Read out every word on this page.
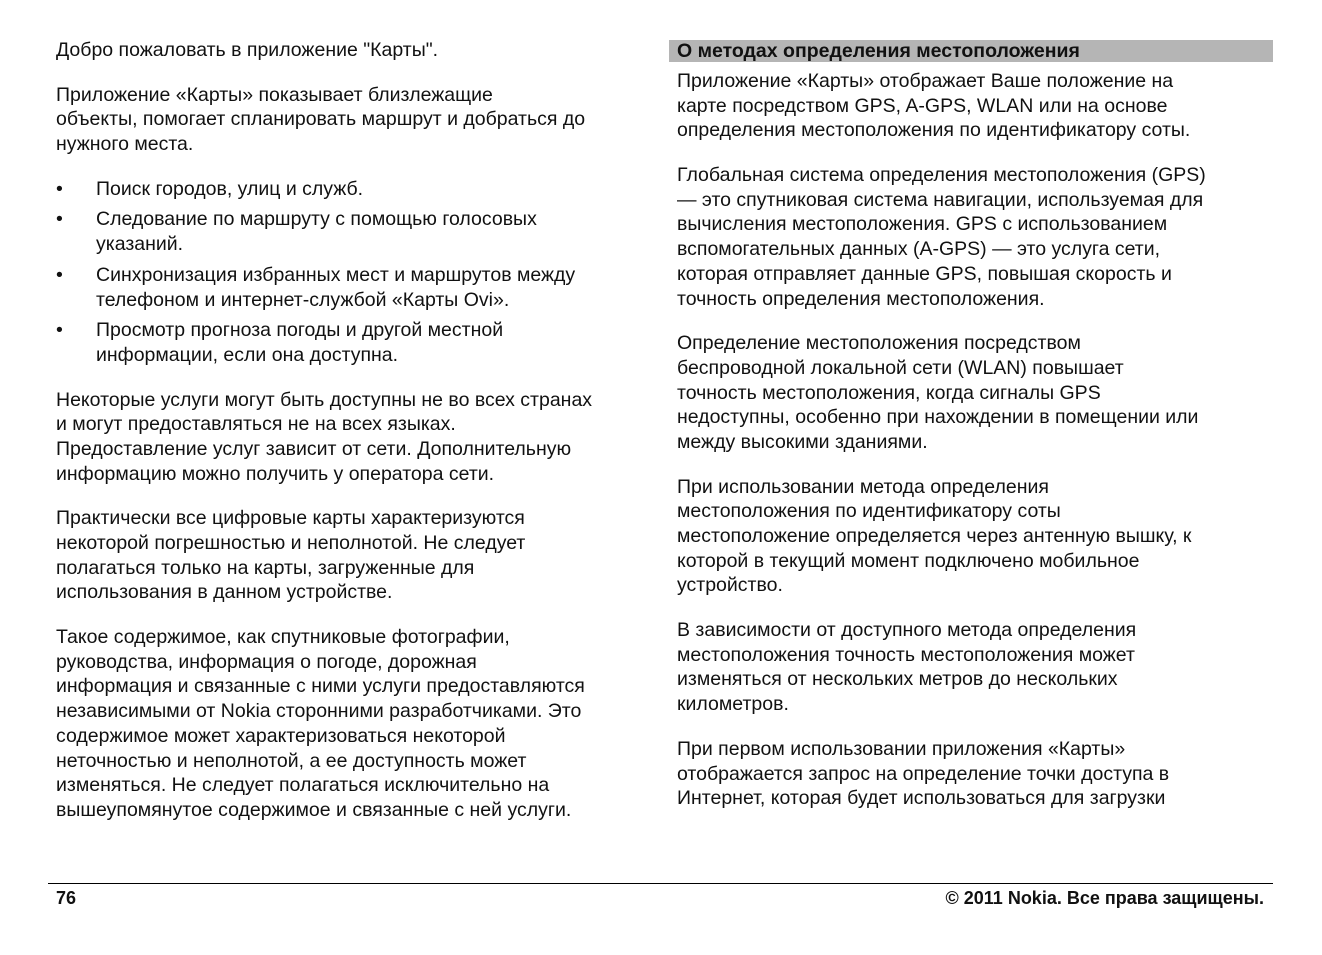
Добро пожаловать в приложение "Карты".
Приложение «Карты» показывает близлежащие
объекты, помогает спланировать маршрут и добраться до
нужного места.
• Поиск городов, улиц и служб.
• Следование по маршруту с помощью голосовых
указаний.
• Синхронизация избранных мест и маршрутов между
телефоном и интернет-службой «Карты Ovi».
• Просмотр прогноза погоды и другой местной
информации, если она доступна.
Некоторые услуги могут быть доступны не во всех странах
и могут предоставляться не на всех языках.
Предоставление услуг зависит от сети. Дополнительную
информацию можно получить у оператора сети.
Практически все цифровые карты характеризуются
некоторой погрешностью и неполнотой. Не следует
полагаться только на карты, загруженные для
использования в данном устройстве.
Такое содержимое, как спутниковые фотографии,
руководства, информация о погоде, дорожная
информация и связанные с ними услуги предоставляются
независимыми от Nokia сторонними разработчиками. Это
содержимое может характеризоваться некоторой
неточностью и неполнотой, а ее доступность может
изменяться. Не следует полагаться исключительно на
вышеупомянутое содержимое и связанные с ней услуги.
О методах определения местоположения
Приложение «Карты» отображает Ваше положение на
карте посредством GPS, A-GPS, WLAN или на основе
определения местоположения по идентификатору соты.
Глобальная система определения местоположения (GPS)
— это спутниковая система навигации, используемая для
вычисления местоположения. GPS с использованием
вспомогательных данных (A-GPS) — это услуга сети,
которая отправляет данные GPS, повышая скорость и
точность определения местоположения.
Определение местоположения посредством
беспроводной локальной сети (WLAN) повышает
точность местоположения, когда сигналы GPS
недоступны, особенно при нахождении в помещении или
между высокими зданиями.
При использовании метода определения
местоположения по идентификатору соты
местоположение определяется через антенную вышку, к
которой в текущий момент подключено мобильное
устройство.
В зависимости от доступного метода определения
местоположения точность местоположения может
изменяться от нескольких метров до нескольких
километров.
При первом использовании приложения «Карты»
отображается запрос на определение точки доступа в
Интернет, которая будет использоваться для загрузки
76	© 2011 Nokia. Все права защищены.
